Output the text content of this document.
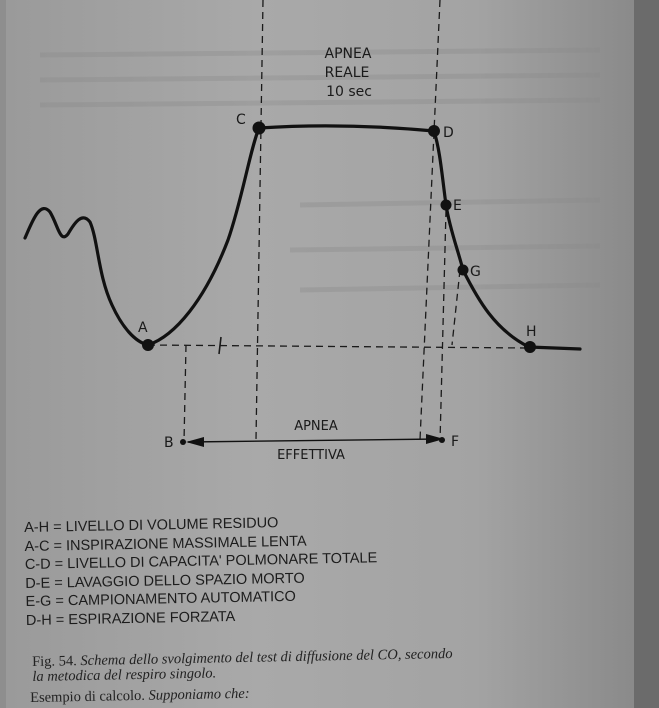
A
B
C
D
E
F
G
H
APNEA
REALE
10 sec
APNEA
EFFETTIVA
A-H = LIVELLO DI VOLUME RESIDUO
A-C = INSPIRAZIONE MASSIMALE LENTA
C-D = LIVELLO DI CAPACITA' POLMONARE TOTALE
D-E = LAVAGGIO DELLO SPAZIO MORTO
E-G = CAMPIONAMENTO AUTOMATICO
D-H = ESPIRAZIONE FORZATA
Fig. 54. Schema dello svolgimento del test di diffusione del CO, secondo
la metodica del respiro singolo.
Esempio di calcolo. Supponiamo che:
